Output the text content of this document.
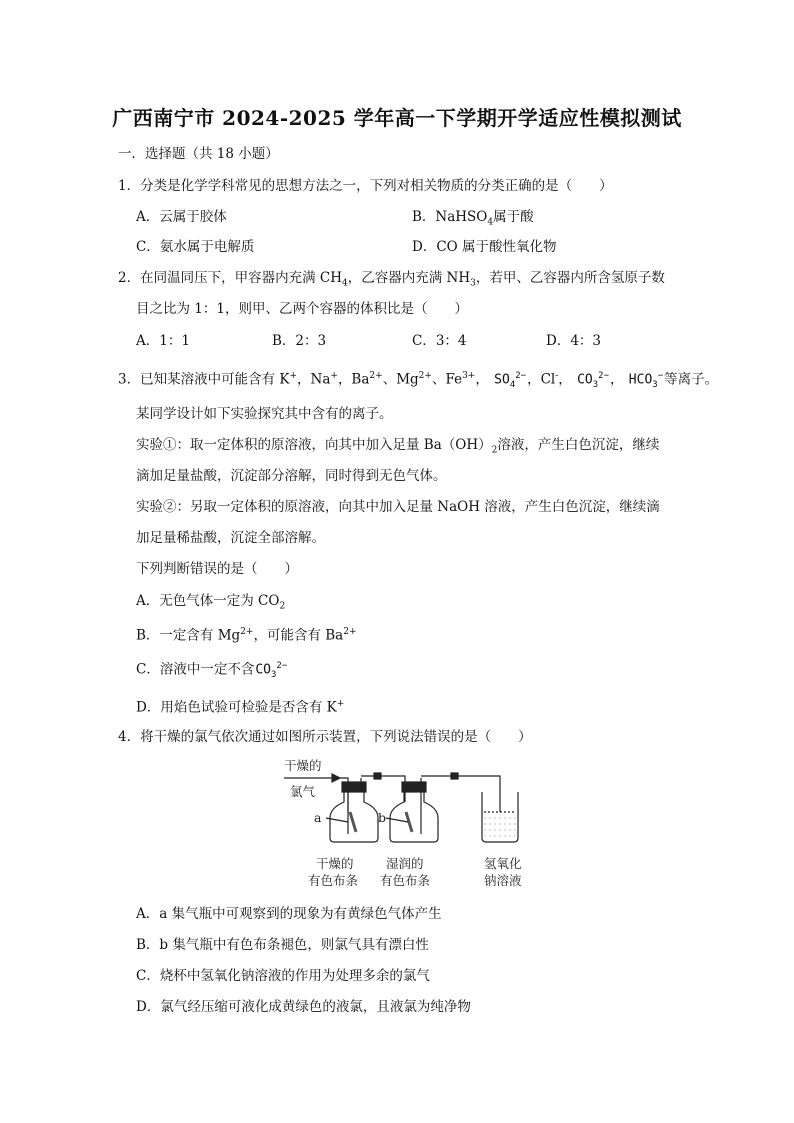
广西南宁市 2024-2025 学年高一下学期开学适应性模拟测试
一．选择题（共 18 小题）
1．分类是化学学科常见的思想方法之一，下列对相关物质的分类正确的是（　　）
A．云属于胶体	B．NaHSO$_4$属于酸
C．氨水属于电解质	D．CO 属于酸性氧化物
2．在同温同压下，甲容器内充满 $CH_4$，乙容器内充满 $NH_3$，若甲、乙容器内所含氢原子数
目之比为 1：1，则甲、乙两个容器的体积比是（　　）
A．1：1	B．2：3	C．3：4	D．4：3
3．已知某溶液中可能含有 K+，Na+，$Ba^{2+}$、$Mg^{2+}$、$Fe^{3+}$， $SO_4^{2-}$，Cl-， $CO_3^{2-}$， $HCO_3^-$等离子。
某同学设计如下实验探究其中含有的离子。
实验①：取一定体积的原溶液，向其中加入足量 $Ba(OH)_2$溶液，产生白色沉淀，继续
滴加足量盐酸，沉淀部分溶解，同时得到无色气体。
实验②：另取一定体积的原溶液，向其中加入足量 NaOH 溶液，产生白色沉淀，继续滴
加足量稀盐酸，沉淀全部溶解。
下列判断错误的是（　　）
A．无色气体一定为 $CO_2$
B．一定含有 $Mg^{2+}$，可能含有 $Ba^{2+}$
C．溶液中一定不含$CO_3^{2-}$
D．用焰色试验可检验是否含有 K+
4．将干燥的氯气依次通过如图所示装置，下列说法错误的是（　　）
干燥的
氯气
a	b
干燥的
有色布条
湿润的
有色布条
氢氧化
钠溶液
A．a 集气瓶中可观察到的现象为有黄绿色气体产生
B．b 集气瓶中有色布条褪色，则氯气具有漂白性
C．烧杯中氢氧化钠溶液的作用为处理多余的氯气
D．氯气经压缩可液化成黄绿色的液氯，且液氯为纯净物
